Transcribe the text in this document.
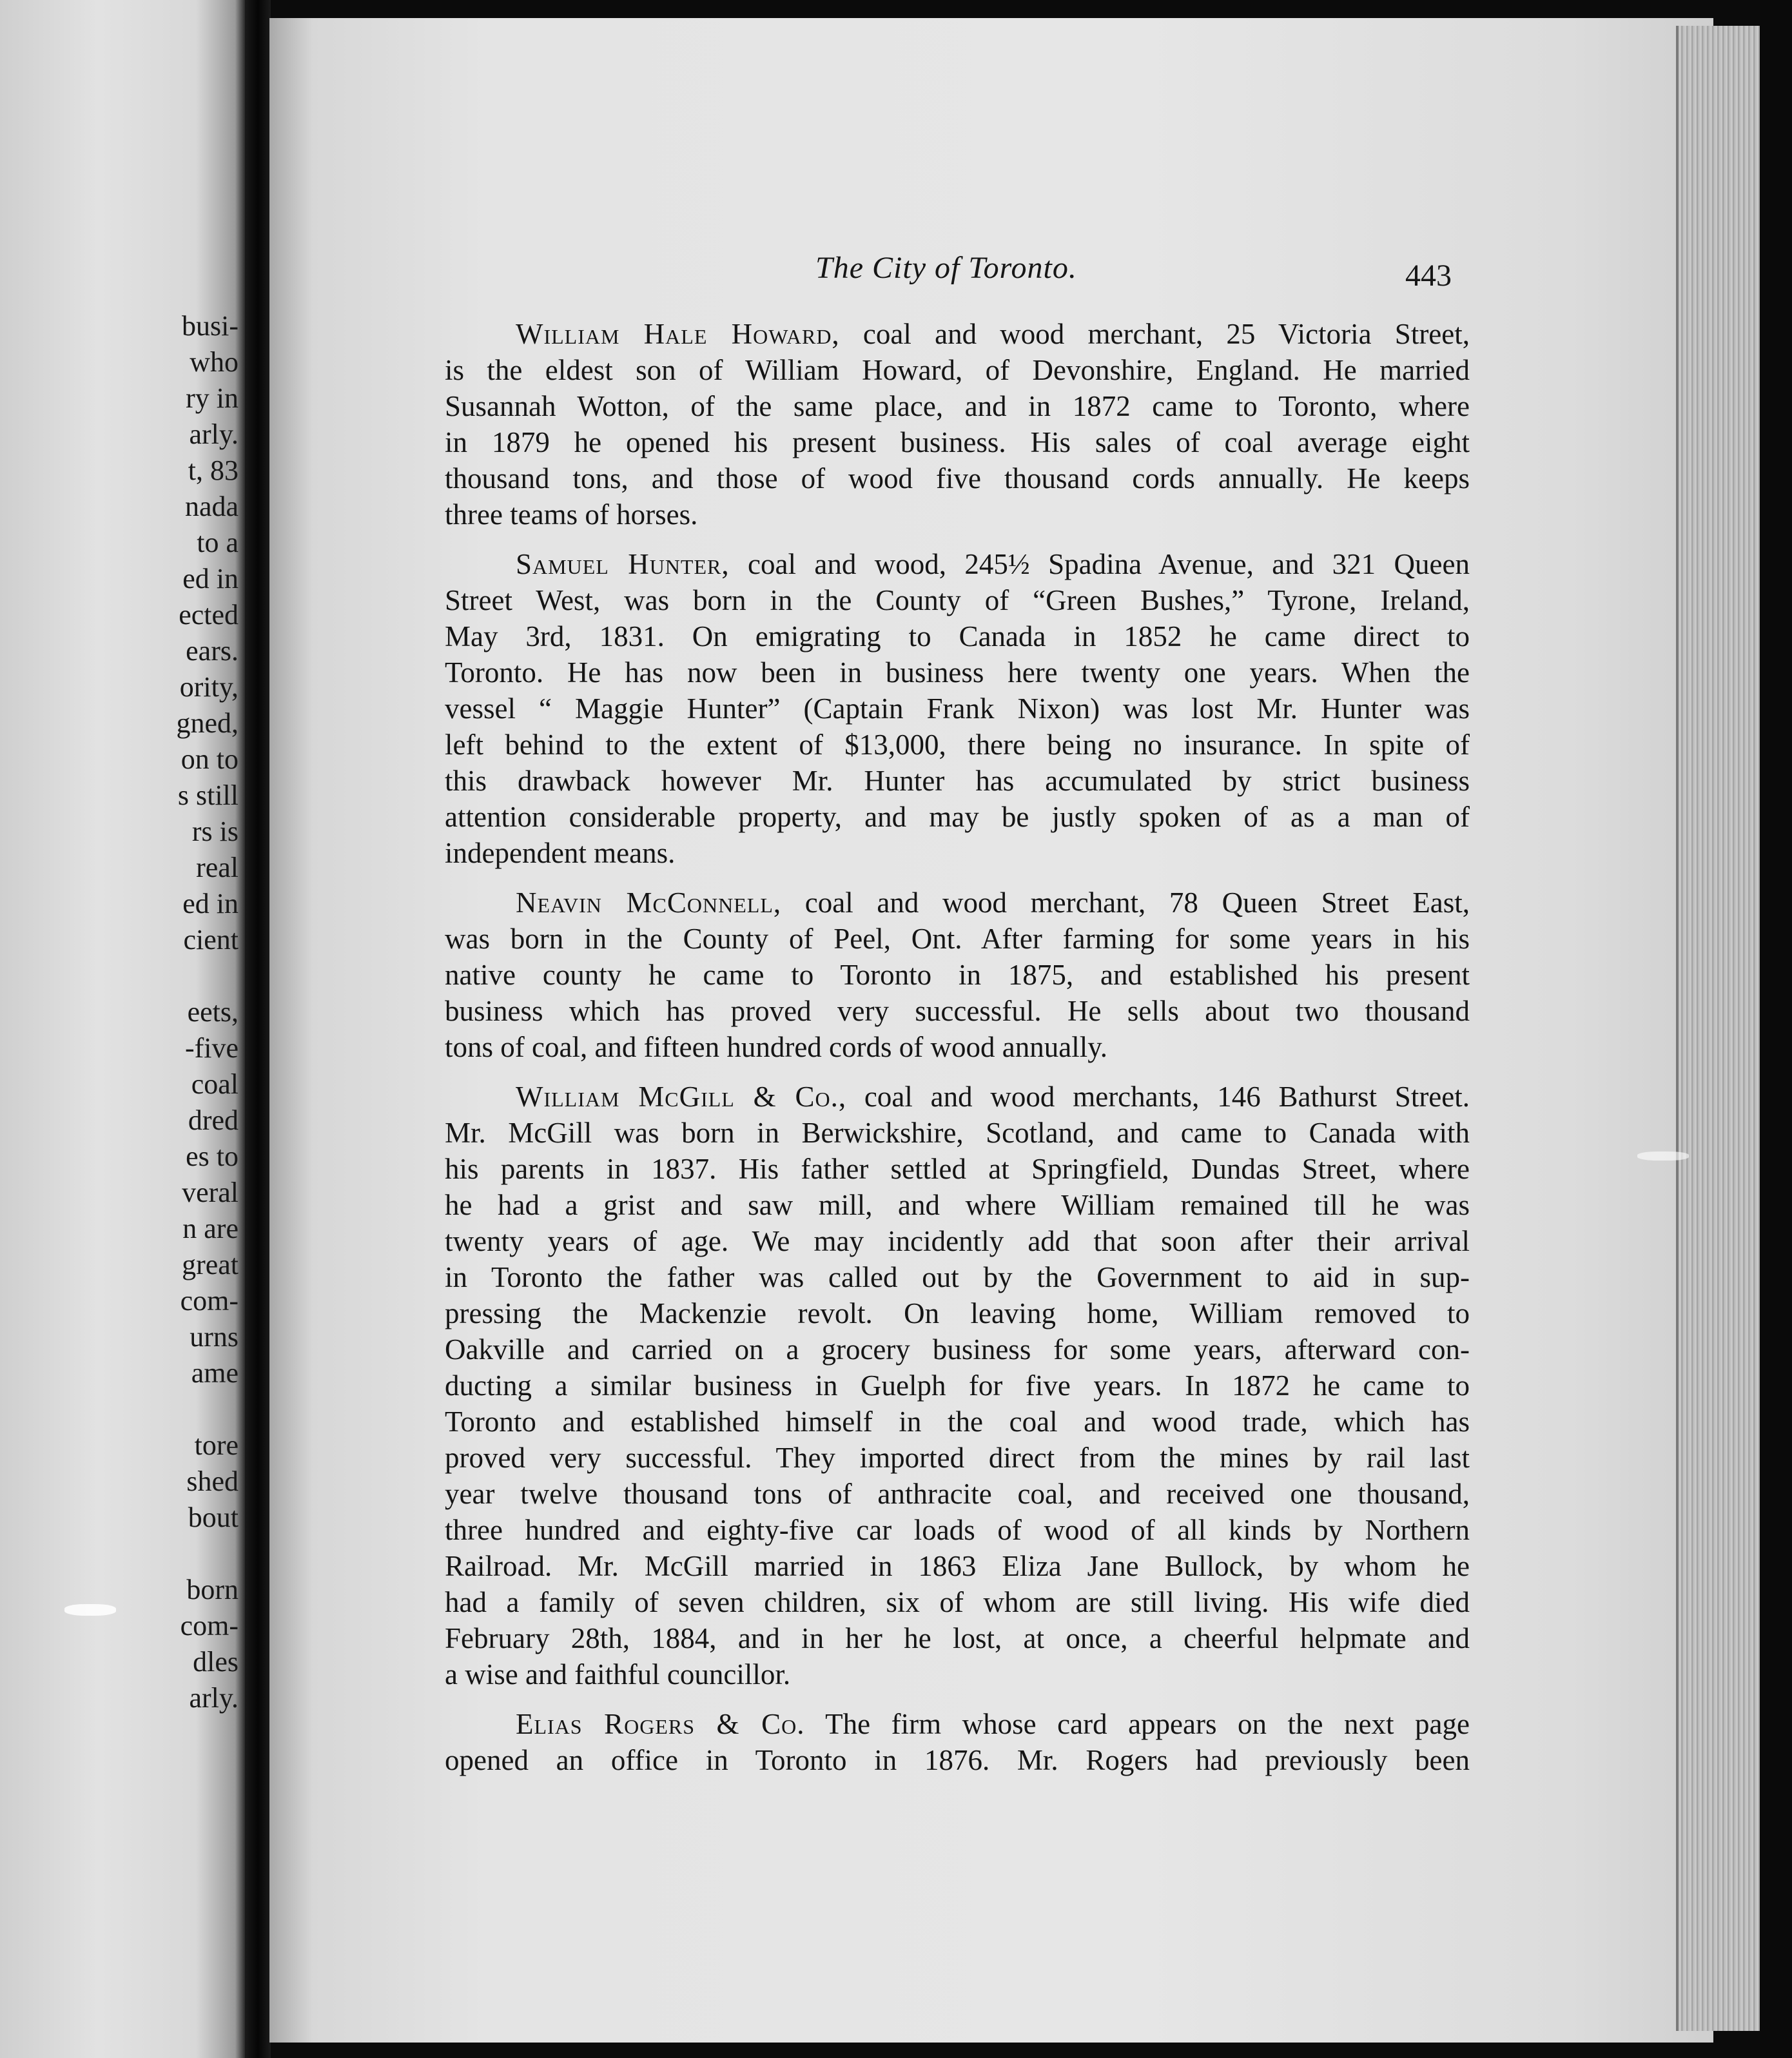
busi-
who
ry in
arly.
t, 83
nada
to a
ed in
ected
ears.
ority,
gned,
on to
s still
rs is
real
ed in
cient
eets,
-five
coal
dred
es to
veral
n are
great
com-
urns
ame
tore
shed
bout
born
com-
dles
arly.
The City of Toronto.	443
William Hale Howard, coal and wood merchant, 25 Victoria Street,
is the eldest son of William Howard, of Devonshire, England. He married
Susannah Wotton, of the same place, and in 1872 came to Toronto, where
in 1879 he opened his present business. His sales of coal average eight
thousand tons, and those of wood five thousand cords annually. He keeps
three teams of horses.
Samuel Hunter, coal and wood, 245½ Spadina Avenue, and 321 Queen
Street West, was born in the County of “Green Bushes,” Tyrone, Ireland,
May 3rd, 1831. On emigrating to Canada in 1852 he came direct to
Toronto. He has now been in business here twenty one years. When the
vessel “ Maggie Hunter” (Captain Frank Nixon) was lost Mr. Hunter was
left behind to the extent of $13,000, there being no insurance. In spite of
this drawback however Mr. Hunter has accumulated by strict business
attention considerable property, and may be justly spoken of as a man of
independent means.
Neavin McConnell, coal and wood merchant, 78 Queen Street East,
was born in the County of Peel, Ont. After farming for some years in his
native county he came to Toronto in 1875, and established his present
business which has proved very successful. He sells about two thousand
tons of coal, and fifteen hundred cords of wood annually.
William McGill & Co., coal and wood merchants, 146 Bathurst Street.
Mr. McGill was born in Berwickshire, Scotland, and came to Canada with
his parents in 1837. His father settled at Springfield, Dundas Street, where
he had a grist and saw mill, and where William remained till he was
twenty years of age. We may incidently add that soon after their arrival
in Toronto the father was called out by the Government to aid in sup-
pressing the Mackenzie revolt. On leaving home, William removed to
Oakville and carried on a grocery business for some years, afterward con-
ducting a similar business in Guelph for five years. In 1872 he came to
Toronto and established himself in the coal and wood trade, which has
proved very successful. They imported direct from the mines by rail last
year twelve thousand tons of anthracite coal, and received one thousand,
three hundred and eighty-five car loads of wood of all kinds by Northern
Railroad. Mr. McGill married in 1863 Eliza Jane Bullock, by whom he
had a family of seven children, six of whom are still living. His wife died
February 28th, 1884, and in her he lost, at once, a cheerful helpmate and
a wise and faithful councillor.
Elias Rogers & Co. The firm whose card appears on the next page
opened an office in Toronto in 1876. Mr. Rogers had previously been
